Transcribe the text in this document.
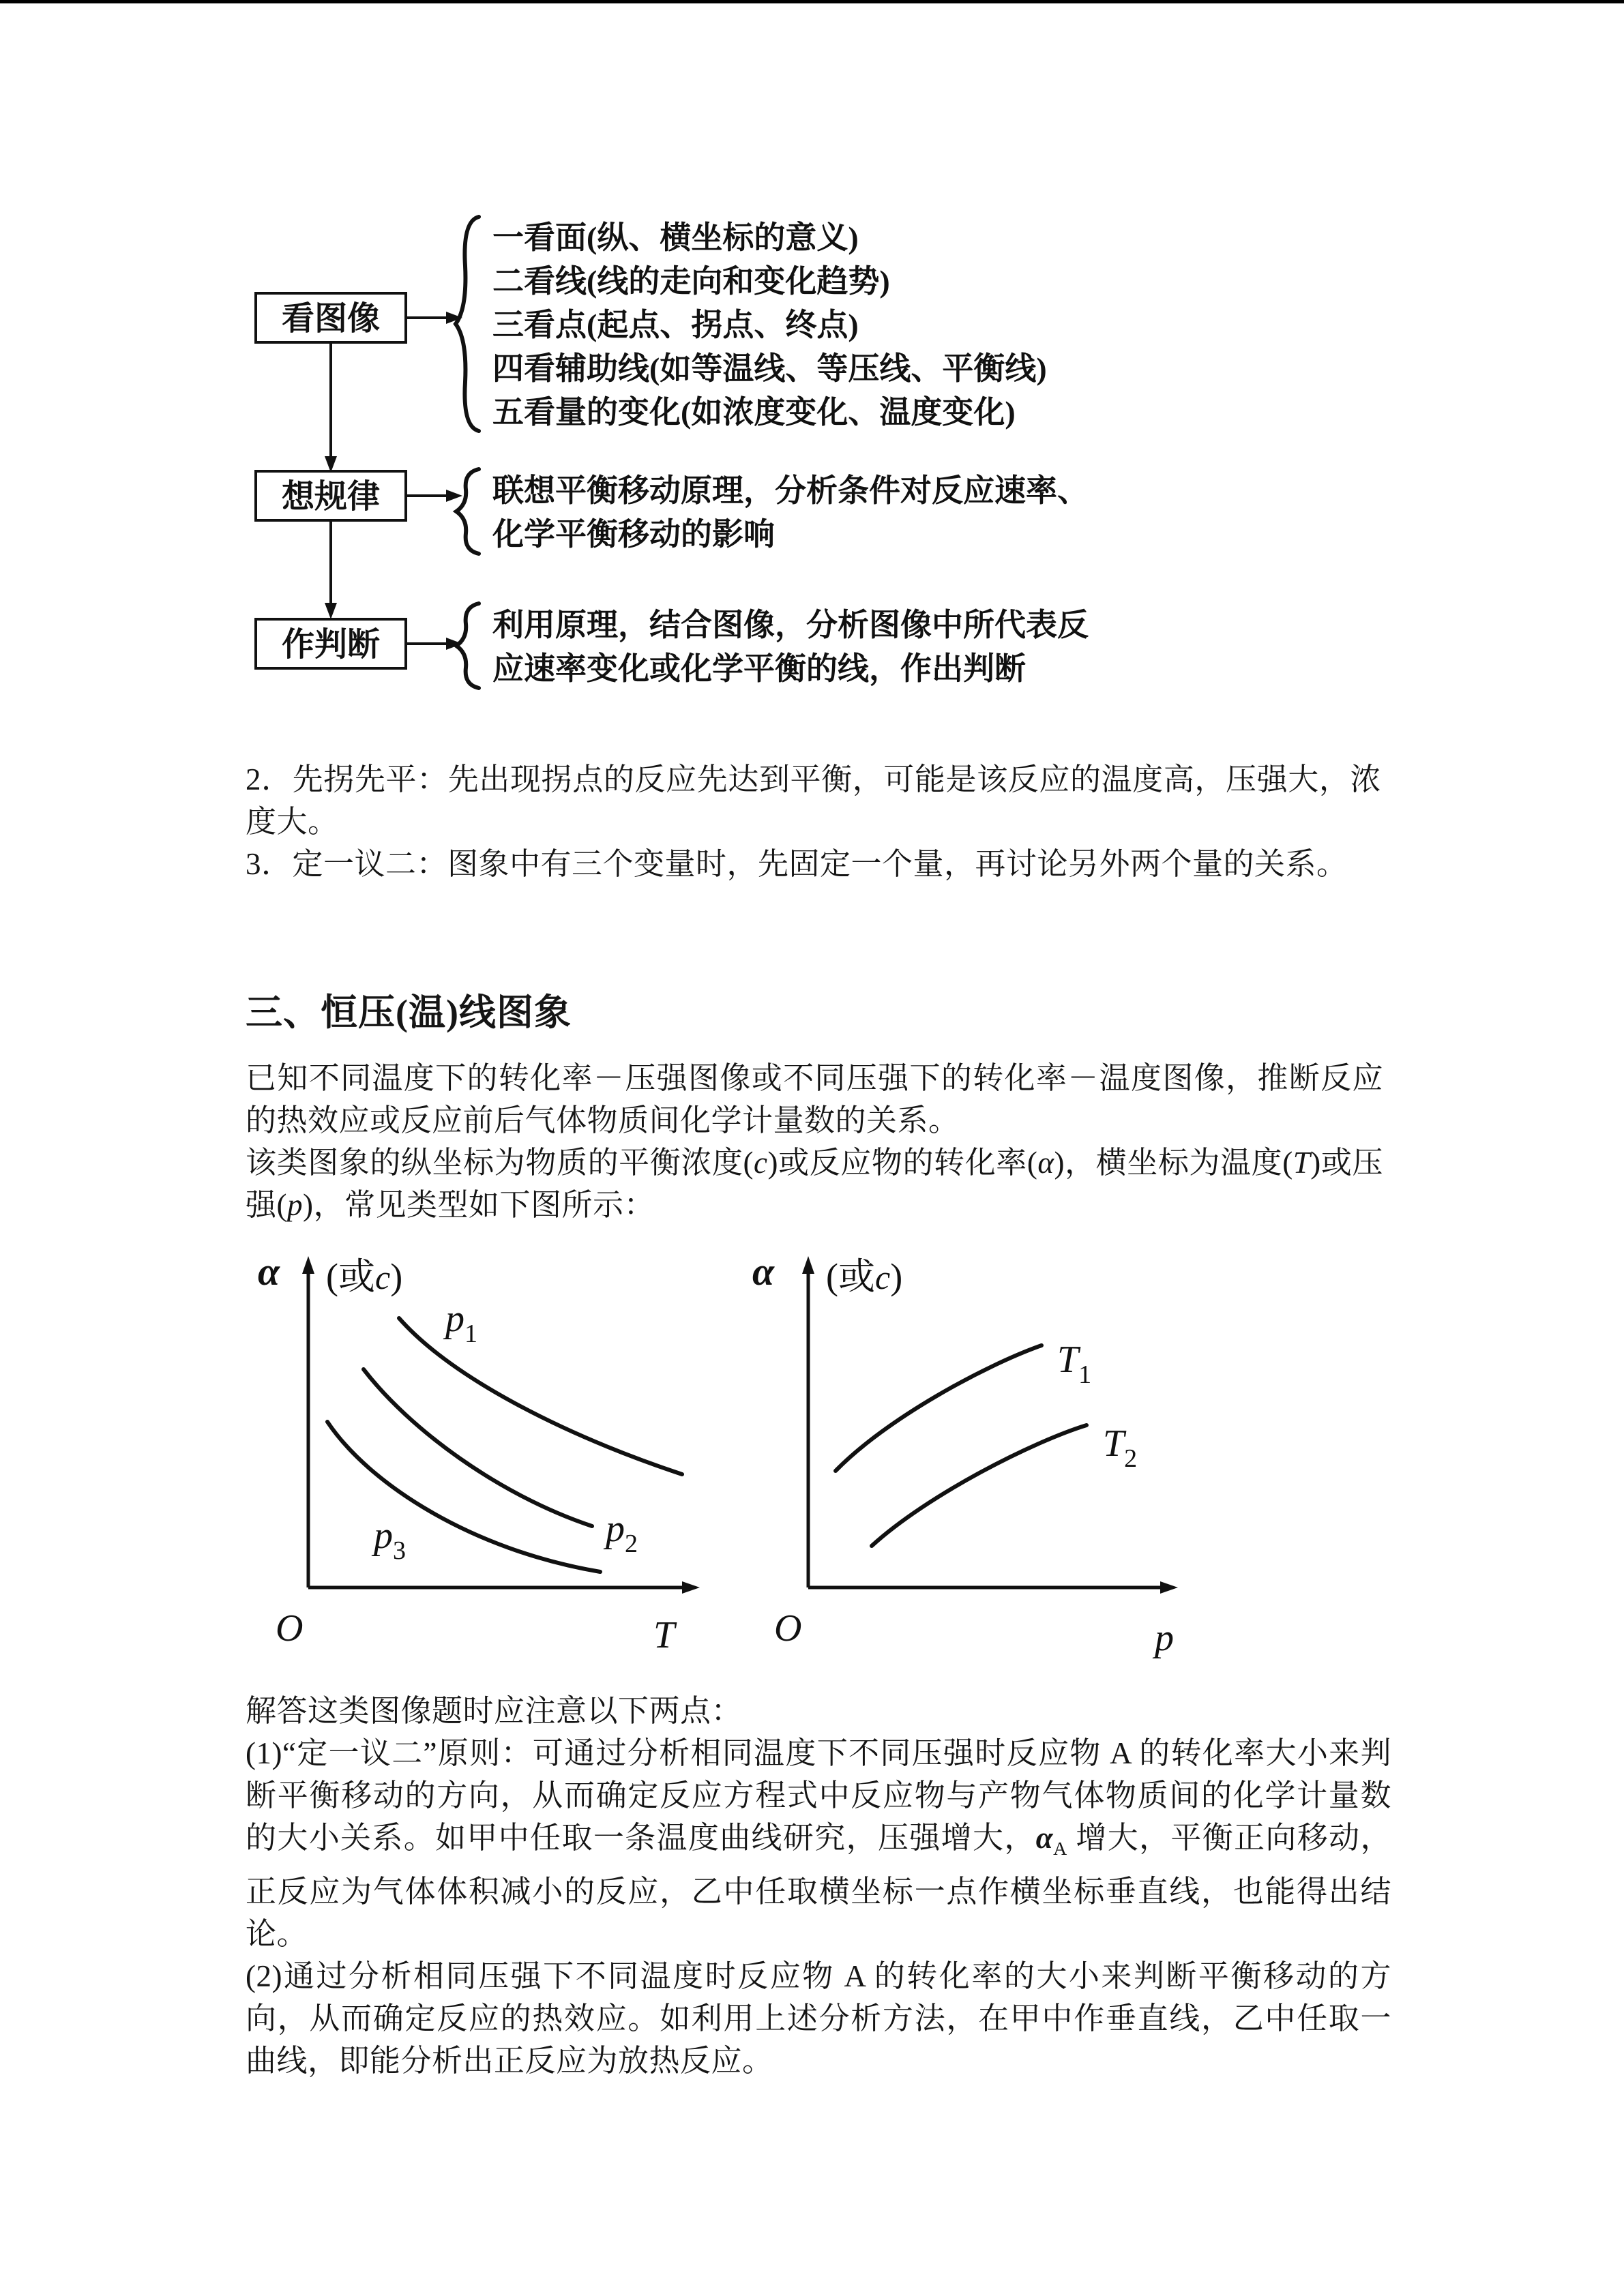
看图像
想规律
作判断
一看面(纵、横坐标的意义)
二看线(线的走向和变化趋势)
三看点(起点、拐点、终点)
四看辅助线(如等温线、等压线、平衡线)
五看量的变化(如浓度变化、温度变化)
联想平衡移动原理，分析条件对反应速率、
化学平衡移动的影响
利用原理，结合图像，分析图像中所代表反
应速率变化或化学平衡的线，作出判断

2．先拐先平：先出现拐点的反应先达到平衡，可能是该反应的温度高，压强大，浓度大。

3．定一议二：图象中有三个变量时，先固定一个量，再讨论另外两个量的关系。

三、恒压(温)线图象

已知不同温度下的转化率－压强图像或不同压强下的转化率－温度图像，推断反应的热效应或反应前后气体物质间化学计量数的关系。

该类图象的纵坐标为物质的平衡浓度(c)或反应物的转化率(α)，横坐标为温度(T)或压强(p)，常见类型如下图所示：

α (或c)
O	T
$p_1$
$p_2$
$p_3$
α (或c)
O	p
$T_1$
$T_2$

解答这类图像题时应注意以下两点：

(1)“定一议二”原则：可通过分析相同温度下不同压强时反应物 A 的转化率大小来判断平衡移动的方向，从而确定反应方程式中反应物与产物气体物质间的化学计量数的大小关系。如甲中任取一条温度曲线研究，压强增大，$\alpha_A$ 增大，平衡正向移动，正反应为气体体积减小的反应，乙中任取横坐标一点作横坐标垂直线，也能得出结论。

(2)通过分析相同压强下不同温度时反应物 A 的转化率的大小来判断平衡移动的方向，从而确定反应的热效应。如利用上述分析方法，在甲中作垂直线，乙中任取一曲线，即能分析出正反应为放热反应。
